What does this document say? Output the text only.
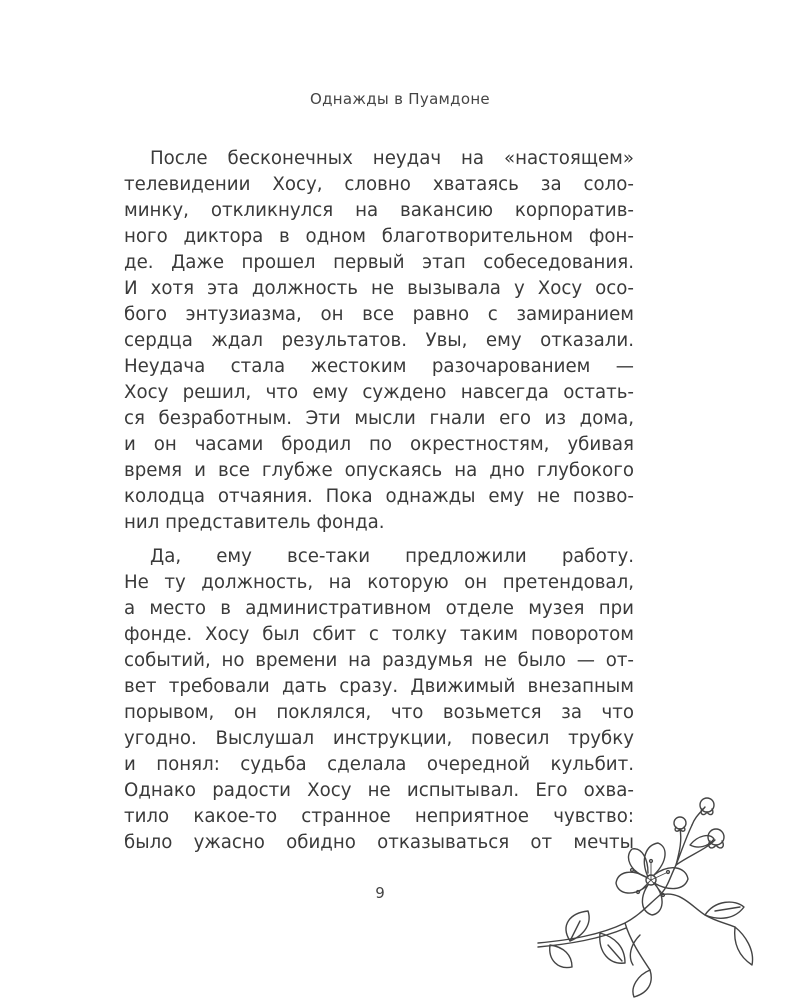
Однажды в Пуамдоне
После бесконечных неудач на «настоящем»
телевидении Хосу, словно хватаясь за соло-
минку, откликнулся на вакансию корпоратив-
ного диктора в одном благотворительном фон-
де. Даже прошел первый этап собеседования.
И хотя эта должность не вызывала у Хосу осо-
бого энтузиазма, он все равно с замиранием
сердца ждал результатов. Увы, ему отказали.
Неудача стала жестоким разочарованием —
Хосу решил, что ему суждено навсегда остать-
ся безработным. Эти мысли гнали его из дома,
и он часами бродил по окрестностям, убивая
время и все глубже опускаясь на дно глубокого
колодца отчаяния. Пока однажды ему не позво-
нил представитель фонда.
Да, ему все-таки предложили работу.
Не ту должность, на которую он претендовал,
а место в административном отделе музея при
фонде. Хосу был сбит с толку таким поворотом
событий, но времени на раздумья не было — от-
вет требовали дать сразу. Движимый внезапным
порывом, он поклялся, что возьмется за что
угодно. Выслушал инструкции, повесил трубку
и понял: судьба сделала очередной кульбит.
Однако радости Хосу не испытывал. Его охва-
тило какое-то странное неприятное чувство:
было ужасно обидно отказываться от мечты
9
